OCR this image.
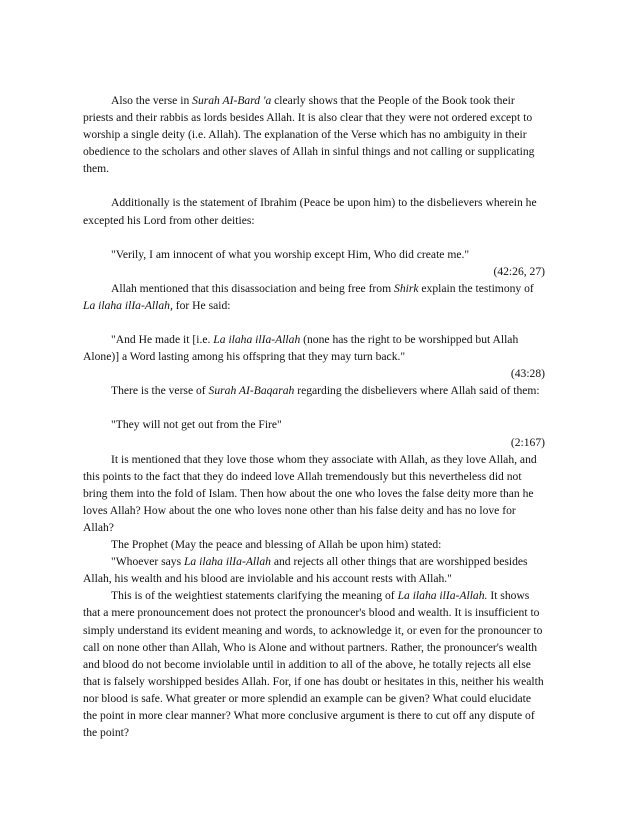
Also the verse in Surah AI-Bard 'a clearly shows that the People of the Book took their priests and their rabbis as lords besides Allah. It is also clear that they were not ordered except to worship a single deity (i.e. Allah). The explanation of the Verse which has no ambiguity in their obedience to the scholars and other slaves of Allah in sinful things and not calling or supplicating them.

Additionally is the statement of Ibrahim (Peace be upon him) to the disbelievers wherein he excepted his Lord from other deities:

"Verily, I am innocent of what you worship except Him, Who did create me."

(42:26, 27)

Allah mentioned that this disassociation and being free from Shirk explain the testimony of La ilaha ilIa-Allah, for He said:

"And He made it [i.e. La ilaha ilIa-Allah (none has the right to be worshipped but Allah Alone)] a Word lasting among his offspring that they may turn back."

(43:28)

There is the verse of Surah AI-Baqarah regarding the disbelievers where Allah said of them:

"They will not get out from the Fire"

(2:167)

It is mentioned that they love those whom they associate with Allah, as they love Allah, and this points to the fact that they do indeed love Allah tremendously but this nevertheless did not bring them into the fold of Islam. Then how about the one who loves the false deity more than he loves Allah? How about the one who loves none other than his false deity and has no love for Allah?

The Prophet (May the peace and blessing of Allah be upon him) stated:

"Whoever says La ilaha ilIa-Allah and rejects all other things that are worshipped besides Allah, his wealth and his blood are inviolable and his account rests with Allah."

This is of the weightiest statements clarifying the meaning of La ilaha ilIa-Allah. It shows that a mere pronouncement does not protect the pronouncer's blood and wealth. It is insufficient to simply understand its evident meaning and words, to acknowledge it, or even for the pronouncer to call on none other than Allah, Who is Alone and without partners. Rather, the pronouncer's wealth and blood do not become inviolable until in addition to all of the above, he totally rejects all else that is falsely worshipped besides Allah. For, if one has doubt or hesitates in this, neither his wealth nor blood is safe. What greater or more splendid an example can be given? What could elucidate the point in more clear manner? What more conclusive argument is there to cut off any dispute of the point?
